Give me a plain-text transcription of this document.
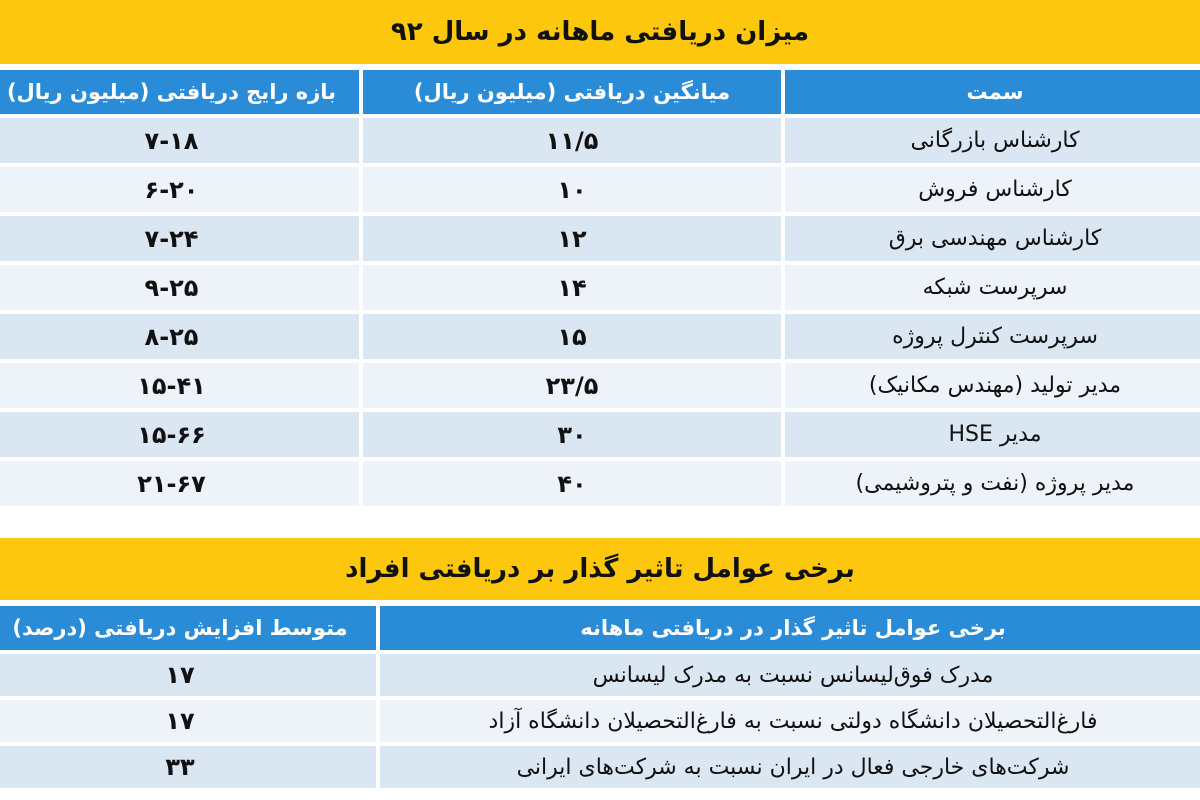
میزان دریافتی ماهانه در سال ۹۲
سمت
میانگین دریافتی (میلیون ریال)
بازه رایج دریافتی (میلیون ریال)
کارشناس بازرگانی
۱۱/۵
۷-۱۸
کارشناس فروش
۱۰
۶-۲۰
کارشناس مهندسی برق
۱۲
۷-۲۴
سرپرست شبکه
۱۴
۹-۲۵
سرپرست کنترل پروژه
۱۵
۸-۲۵
مدیر تولید (مهندس مکانیک)
۲۳/۵
۱۵-۴۱
مدیر HSE
۳۰
۱۵-۶۶
مدیر پروژه (نفت و پتروشیمی)
۴۰
۲۱-۶۷
برخی عوامل تاثیر گذار بر دریافتی افراد
برخی عوامل تاثیر گذار در دریافتی ماهانه
متوسط افزایش دریافتی (درصد)
مدرک فوق‌لیسانس نسبت به مدرک لیسانس
۱۷
فارغ‌التحصیلان دانشگاه دولتی نسبت به فارغ‌التحصیلان دانشگاه آزاد
۱۷
شرکت‌های خارجی فعال در ایران نسبت به شرکت‌های ایرانی
۳۳
